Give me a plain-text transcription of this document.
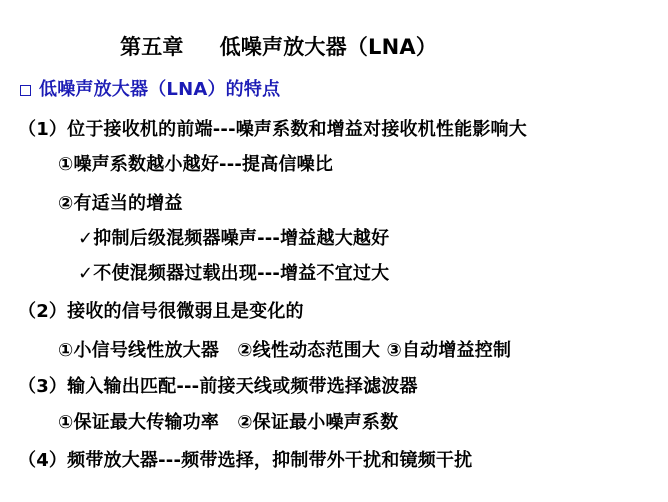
第五章 低噪声放大器（LNA）
低噪声放大器（LNA）的特点
（1）位于接收机的前端---噪声系数和增益对接收机性能影响大
①噪声系数越小越好---提高信噪比
②有适当的增益
✓抑制后级混频器噪声---增益越大越好
✓不使混频器过载出现---增益不宜过大
（2）接收的信号很微弱且是变化的
①小信号线性放大器　②线性动态范围大 ③自动增益控制
（3）输入输出匹配---前接天线或频带选择滤波器
①保证最大传输功率　②保证最小噪声系数
（4）频带放大器---频带选择，抑制带外干扰和镜频干扰
